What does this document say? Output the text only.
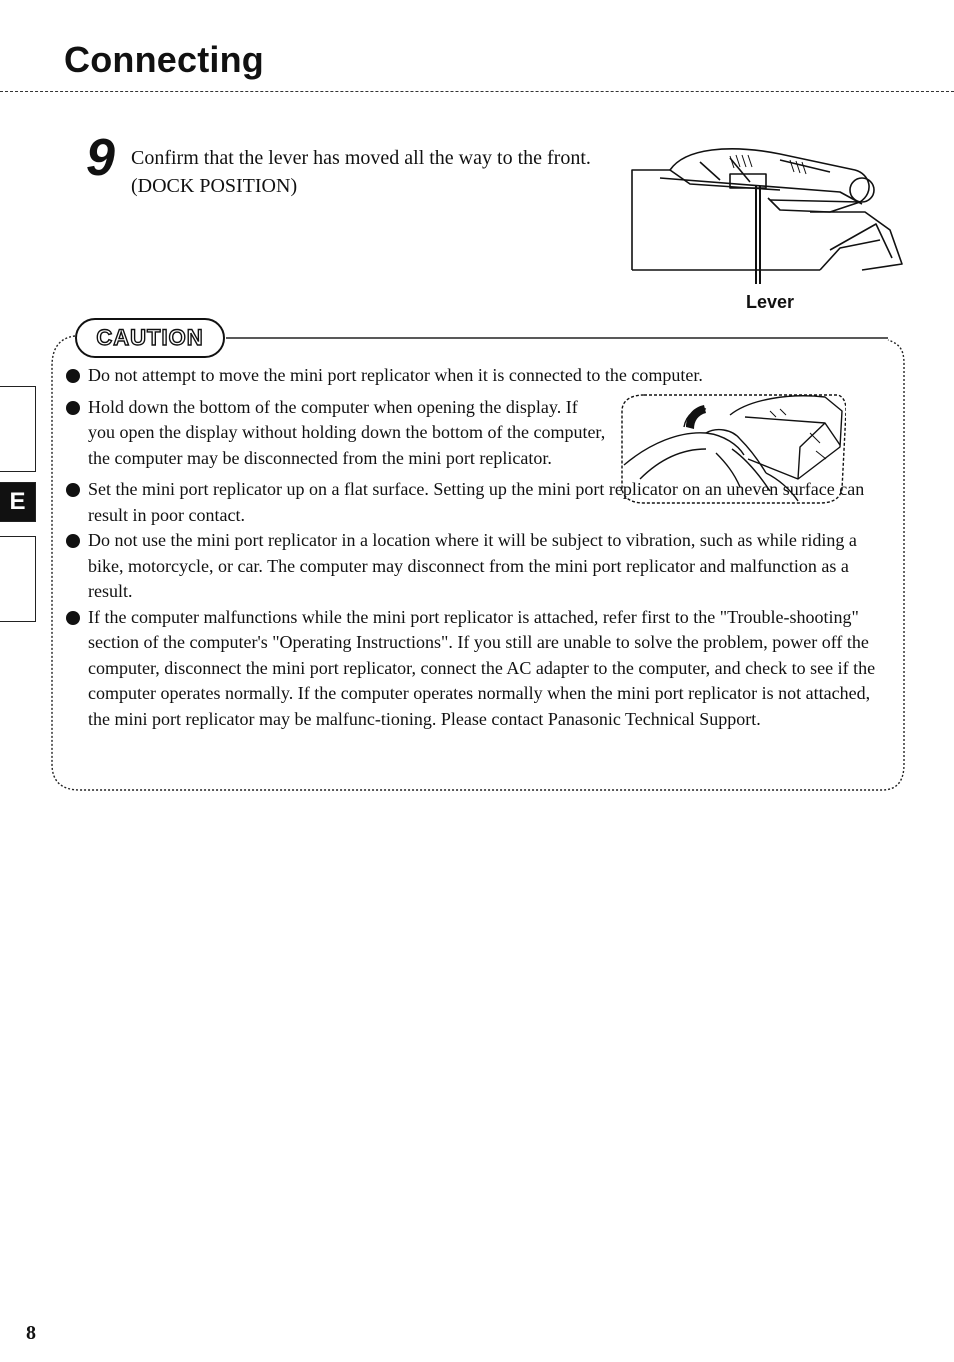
Connecting
9 Confirm that the lever has moved all the way to the front. (DOCK POSITION)

Lever
CAUTION
Do not attempt to move the mini port replicator when it is connected to the computer.
Hold down the bottom of the computer when opening the display. If you open the display without holding down the bottom of the computer, the computer may be disconnected from the mini port replicator.
Set the mini port replicator up on a flat surface. Setting up the mini port replicator on an uneven surface can result in poor contact.
Do not use the mini port replicator in a location where it will be subject to vibration, such as while riding a bike, motorcycle, or car. The computer may disconnect from the mini port replicator and malfunction as a result.
If the computer malfunctions while the mini port replicator is attached, refer first to the "Trouble-shooting" section of the computer's "Operating Instructions". If you still are unable to solve the problem, power off the computer, disconnect the mini port replicator, connect the AC adapter to the computer, and check to see if the computer operates normally. If the computer operates normally when the mini port replicator is not attached, the mini port replicator may be malfunc-tioning. Please contact Panasonic Technical Support.
E
8
